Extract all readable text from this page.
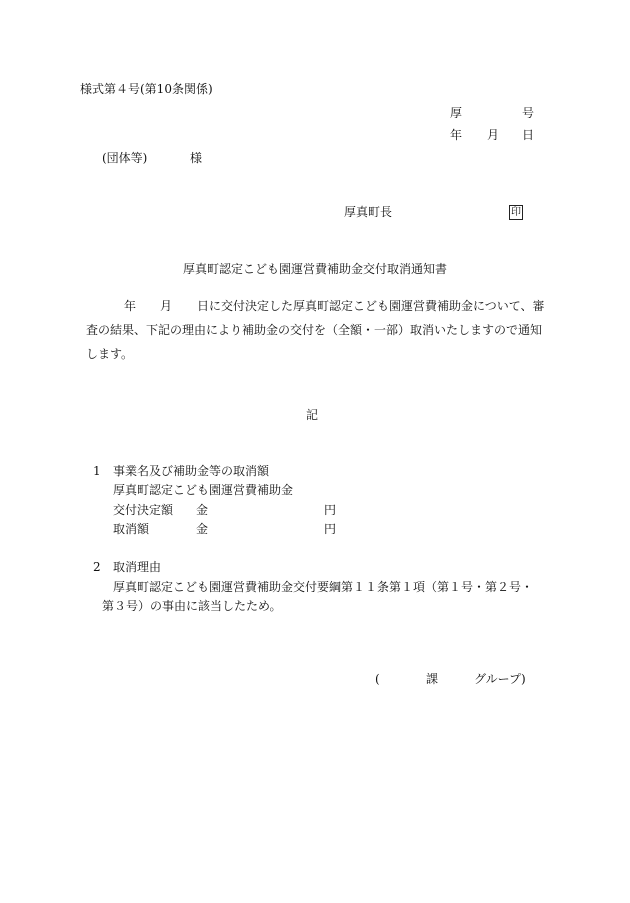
様式第４号(第10条関係)
厚	号
年 月 日
(団体等)	様
厚真町長	印
厚真町認定こども園運営費補助金交付取消通知書
年 月	日に交付決定した厚真町認定こども園運営費補助金について、審査の結果、下記の理由により補助金の交付を（全額・一部）取消いたしますので通知します。
記
1 事業名及び補助金等の取消額
厚真町認定こども園運営費補助金
交付決定額 金	円
取消額	金	円
2 取消理由
厚真町認定こども園運営費補助金交付要綱第１１条第１項（第１号・第２号・
第３号）の事由に該当したため。
(	課	グループ)
